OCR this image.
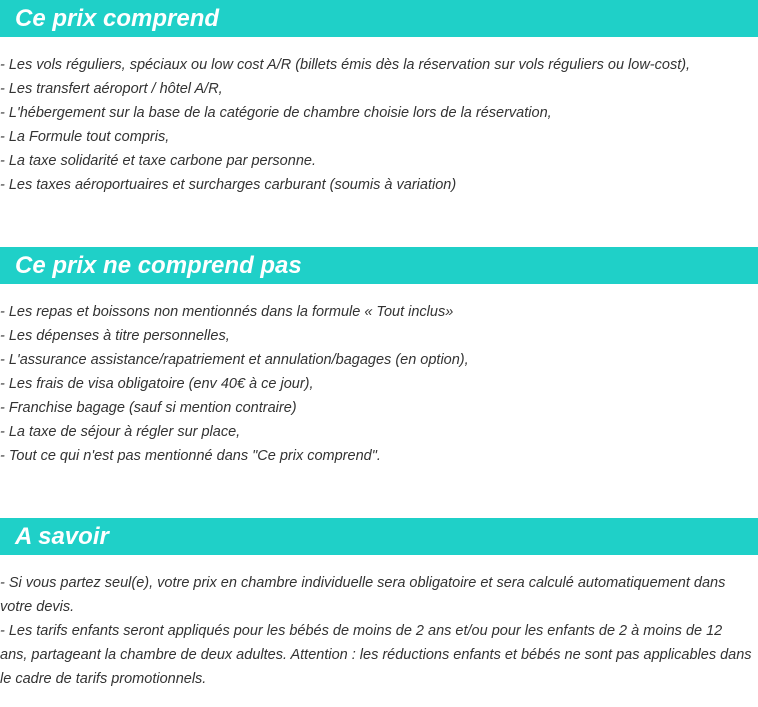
Ce prix comprend
- Les vols réguliers, spéciaux ou low cost A/R (billets émis dès la réservation sur vols réguliers ou low-cost),
- Les transfert aéroport / hôtel A/R,
- L'hébergement sur la base de la catégorie de chambre choisie lors de la réservation,
- La Formule tout compris,
- La taxe solidarité et taxe carbone par personne.
- Les taxes aéroportuaires et surcharges carburant (soumis à variation)
Ce prix ne comprend pas
- Les repas et boissons non mentionnés dans la formule « Tout inclus»
- Les dépenses à titre personnelles,
- L'assurance assistance/rapatriement et annulation/bagages (en option),
- Les frais de visa obligatoire (env 40€ à ce jour),
- Franchise bagage (sauf si mention contraire)
- La taxe de séjour à régler sur place,
- Tout ce qui n'est pas mentionné dans "Ce prix comprend".
A savoir
- Si vous partez seul(e), votre prix en chambre individuelle sera obligatoire et sera calculé automatiquement dans votre devis.
- Les tarifs enfants seront appliqués pour les bébés de moins de 2 ans et/ou pour les enfants de 2 à moins de 12 ans, partageant la chambre de deux adultes. Attention : les réductions enfants et bébés ne sont pas applicables dans le cadre de tarifs promotionnels.
